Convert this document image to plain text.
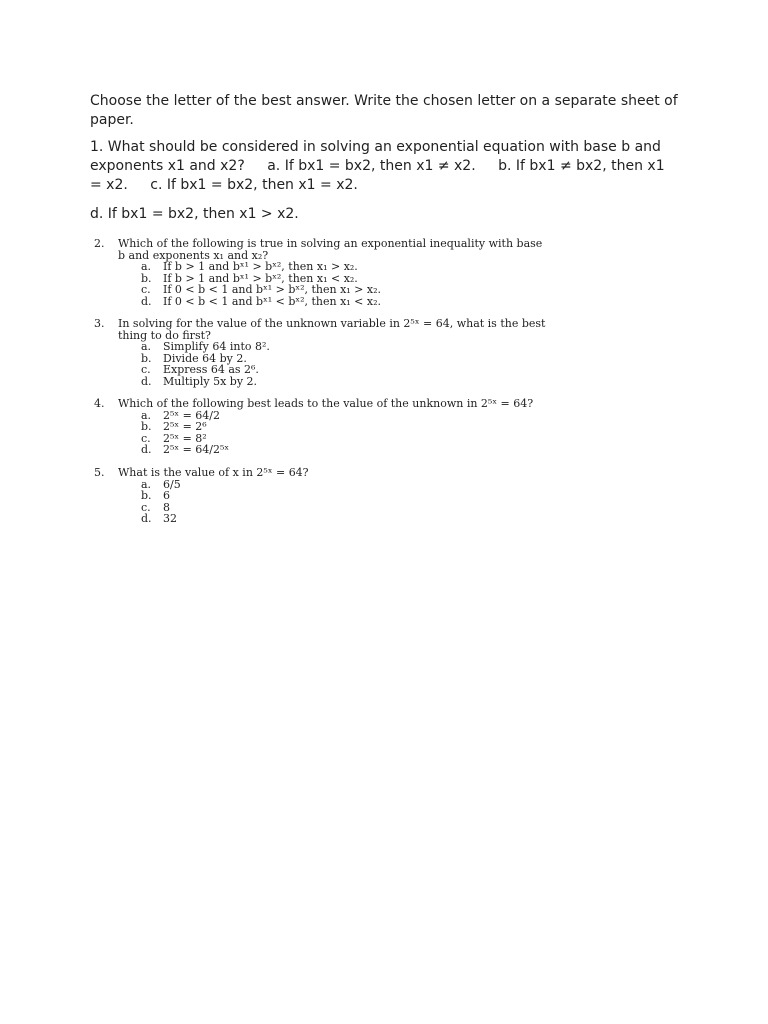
Choose the letter of the best answer. Write the chosen letter on a separate sheet of paper.
1. What should be considered in solving an exponential equation with base b and exponents x1 and x2? a. If bx1 = bx2, then x1 ≠ x2. b. If bx1 ≠ bx2, then x1 = x2. c. If bx1 = bx2, then x1 = x2.
d. If bx1 = bx2, then x1 > x2.
2.	Which of the following is true in solving an exponential inequality with base
b and exponents x₁ and x₂?
a.	If b > 1 and bˣ¹ > bˣ², then x₁ > x₂.
b.	If b > 1 and bˣ¹ > bˣ², then x₁ < x₂.
c.	If 0 < b < 1 and bˣ¹ > bˣ², then x₁ > x₂.
d.	If 0 < b < 1 and bˣ¹ < bˣ², then x₁ < x₂.
3.	In solving for the value of the unknown variable in 2⁵ˣ = 64, what is the best
thing to do first?
a.	Simplify 64 into 8².
b.	Divide 64 by 2.
c.	Express 64 as 2⁶.
d.	Multiply 5x by 2.
4.	Which of the following best leads to the value of the unknown in 2⁵ˣ = 64?
a.	2⁵ˣ = 64/2
b.	2⁵ˣ = 2⁶
c.	2⁵ˣ = 8²
d.	2⁵ˣ = 64/2⁵ˣ
5.	What is the value of x in 2⁵ˣ = 64?
a.	6/5
b.	6
c.	8
d.	32
